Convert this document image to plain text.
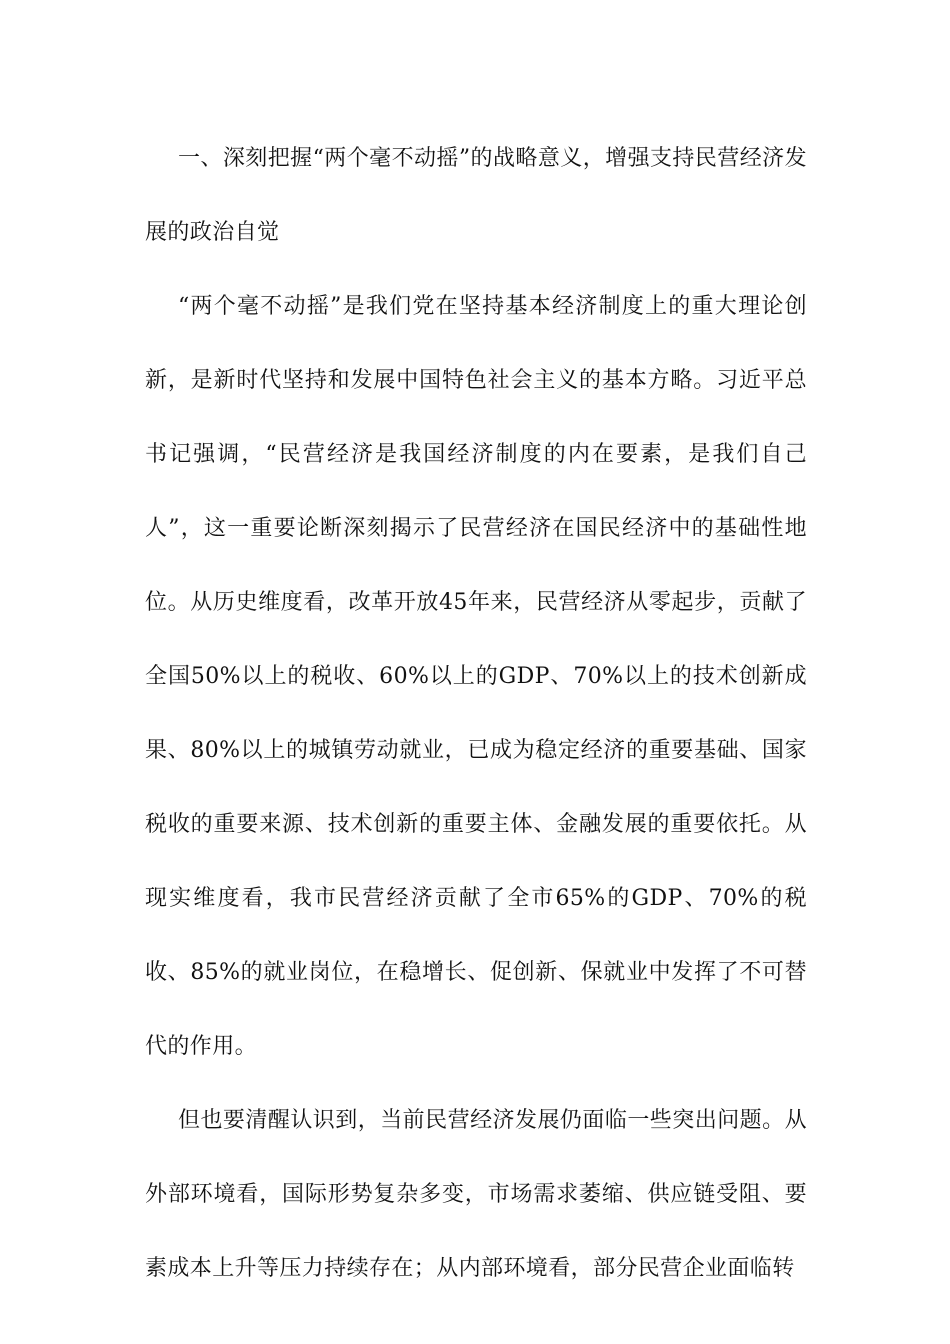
一、深刻把握“两个毫不动摇”的战略意义，增强支持民营经济发展的政治自觉

“两个毫不动摇”是我们党在坚持基本经济制度上的重大理论创新，是新时代坚持和发展中国特色社会主义的基本方略。习近平总书记强调，“民营经济是我国经济制度的内在要素，是我们自己人”，这一重要论断深刻揭示了民营经济在国民经济中的基础性地位。从历史维度看，改革开放45年来，民营经济从零起步，贡献了全国50%以上的税收、60%以上的GDP、70%以上的技术创新成果、80%以上的城镇劳动就业，已成为稳定经济的重要基础、国家税收的重要来源、技术创新的重要主体、金融发展的重要依托。从现实维度看，我市民营经济贡献了全市65%的GDP、70%的税收、85%的就业岗位，在稳增长、促创新、保就业中发挥了不可替代的作用。

但也要清醒认识到，当前民营经济发展仍面临一些突出问题。从外部环境看，国际形势复杂多变，市场需求萎缩、供应链受阻、要素成本上升等压力持续存在；从内部环境看，部分民营企业面临转
